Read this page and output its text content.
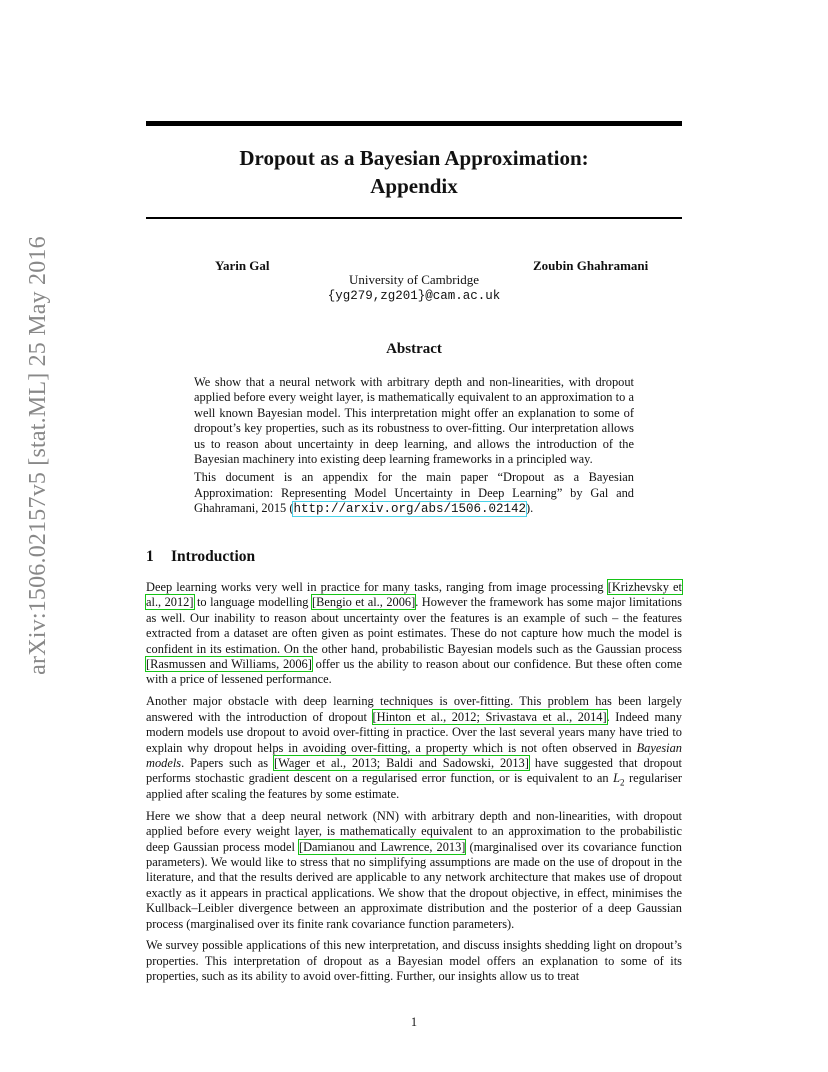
Dropout as a Bayesian Approximation:
Appendix
arXiv:1506.02157v5 [stat.ML] 25 May 2016	Yarin Gal	Zoubin Ghahramani
University of Cambridge
{yg279,zg201}@cam.ac.uk
Abstract

We show that a neural network with arbitrary depth and non-linearities, with dropout applied before every weight layer, is mathematically equivalent to an approximation to a well known Bayesian model. This interpretation might offer an explanation to some of dropout’s key properties, such as its robustness to over-fitting. Our interpretation allows us to reason about uncertainty in deep learning, and allows the introduction of the Bayesian machinery into existing deep learning frameworks in a principled way.

This document is an appendix for the main paper “Dropout as a Bayesian Approximation: Representing Model Uncertainty in Deep Learning” by Gal and Ghahramani, 2015 (http://arxiv.org/abs/1506.02142).

1 Introduction

Deep learning works very well in practice for many tasks, ranging from image processing [Krizhevsky et al., 2012] to language modelling [Bengio et al., 2006]. However the framework has some major limitations as well. Our inability to reason about uncertainty over the features is an example of such – the features extracted from a dataset are often given as point estimates. These do not capture how much the model is confident in its estimation. On the other hand, probabilistic Bayesian models such as the Gaussian process [Rasmussen and Williams, 2006] offer us the ability to reason about our confidence. But these often come with a price of lessened performance.

Another major obstacle with deep learning techniques is over-fitting. This problem has been largely answered with the introduction of dropout [Hinton et al., 2012; Srivastava et al., 2014]. Indeed many modern models use dropout to avoid over-fitting in practice. Over the last several years many have tried to explain why dropout helps in avoiding over-fitting, a property which is not often observed in Bayesian models. Papers such as [Wager et al., 2013; Baldi and Sadowski, 2013] have suggested that dropout performs stochastic gradient descent on a regularised error function, or is equivalent to an $L_2$ regulariser applied after scaling the features by some estimate.

Here we show that a deep neural network (NN) with arbitrary depth and non-linearities, with dropout applied before every weight layer, is mathematically equivalent to an approximation to the probabilistic deep Gaussian process model [Damianou and Lawrence, 2013] (marginalised over its covariance function parameters). We would like to stress that no simplifying assumptions are made on the use of dropout in the literature, and that the results derived are applicable to any network architecture that makes use of dropout exactly as it appears in practical applications. We show that the dropout objective, in effect, minimises the Kullback–Leibler divergence between an approximate distribution and the posterior of a deep Gaussian process (marginalised over its finite rank covariance function parameters).

We survey possible applications of this new interpretation, and discuss insights shedding light on dropout’s properties. This interpretation of dropout as a Bayesian model offers an explanation to some of its properties, such as its ability to avoid over-fitting. Further, our insights allow us to treat

1
